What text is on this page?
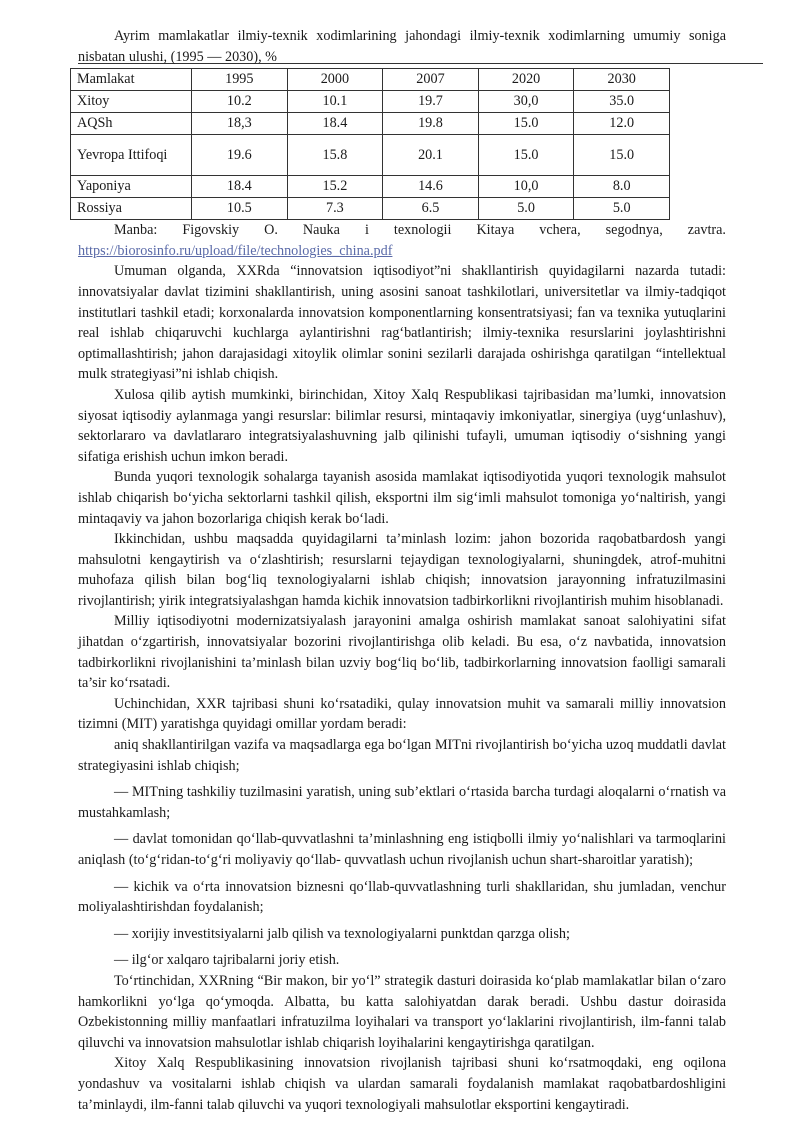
Ayrim mamlakatlar ilmiy-texnik xodimlarining jahondagi ilmiy-texnik xodimlarning umumiy soniga nisbatan ulushi, (1995 — 2030), %

Mamlakat	1995	2000	2007	2020	2030
Xitoy	10.2	10.1	19.7	30,0	35.0
AQSh	18,3	18.4	19.8	15.0	12.0
Yevropa Ittifoqi	19.6	15.8	20.1	15.0	15.0
Yaponiya	18.4	15.2	14.6	10,0	8.0
Rossiya	10.5	7.3	6.5	5.0	5.0
Manba: Figovskiy O. Nauka i texnologii Kitaya vchera, segodnya, zavtra.
https://biorosinfo.ru/upload/file/technologies_china.pdf

Umuman olganda, XXRda “innovatsion iqtisodiyot”ni shakllantirish quyidagilarni nazarda tutadi: innovatsiyalar davlat tizimini shakllantirish, uning asosini sanoat tashkilotlari, universitetlar va ilmiy-tadqiqot institutlari tashkil etadi; korxonalarda innovatsion komponentlarning konsentratsiyasi; fan va texnika yutuqlarini real ishlab chiqaruvchi kuchlarga aylantirishni rag‘batlantirish; ilmiy-texnika resurslarini joylashtirishni optimallashtirish; jahon darajasidagi xitoylik olimlar sonini sezilarli darajada oshirishga qaratilgan “intellektual mulk strategiyasi”ni ishlab chiqish.

Xulosa qilib aytish mumkinki, birinchidan, Xitoy Xalq Respublikasi tajribasidan ma’lumki, innovatsion siyosat iqtisodiy aylanmaga yangi resurslar: bilimlar resursi, mintaqaviy imkoniyatlar, sinergiya (uyg‘unlashuv), sektorlararo va davlatlararo integratsiyalashuvning jalb qilinishi tufayli, umuman iqtisodiy o‘sishning yangi sifatiga erishish uchun imkon beradi.

Bunda yuqori texnologik sohalarga tayanish asosida mamlakat iqtisodiyotida yuqori texnologik mahsulot ishlab chiqarish bo‘yicha sektorlarni tashkil qilish, eksportni ilm sig‘imli mahsulot tomoniga yo‘naltirish, yangi mintaqaviy va jahon bozorlariga chiqish kerak bo‘ladi.

Ikkinchidan, ushbu maqsadda quyidagilarni ta’minlash lozim: jahon bozorida raqobatbardosh yangi mahsulotni kengaytirish va o‘zlashtirish; resurslarni tejaydigan texnologiyalarni, shuningdek, atrof-muhitni muhofaza qilish bilan bog‘liq texnologiyalarni ishlab chiqish; innovatsion jarayonning infratuzilmasini rivojlantirish; yirik integratsiyalashgan hamda kichik innovatsion tadbirkorlikni rivojlantirish muhim hisoblanadi.

Milliy iqtisodiyotni modernizatsiyalash jarayonini amalga oshirish mamlakat sanoat salohiyatini sifat jihatdan o‘zgartirish, innovatsiyalar bozorini rivojlantirishga olib keladi. Bu esa, o‘z navbatida, innovatsion tadbirkorlikni rivojlanishini ta’minlash bilan uzviy bog‘liq bo‘lib, tadbirkorlarning innovatsion faolligi samarali ta’sir ko‘rsatadi.

Uchinchidan, XXR tajribasi shuni ko‘rsatadiki, qulay innovatsion muhit va samarali milliy innovatsion tizimni (MIT) yaratishga quyidagi omillar yordam beradi:

aniq shakllantirilgan vazifa va maqsadlarga ega bo‘lgan MITni rivojlantirish bo‘yicha uzoq muddatli davlat strategiyasini ishlab chiqish;

— MITning tashkiliy tuzilmasini yaratish, uning sub’ektlari o‘rtasida barcha turdagi aloqalarni o‘rnatish va mustahkamlash;

— davlat tomonidan qo‘llab-quvvatlashni ta’minlashning eng istiqbolli ilmiy yo‘nalishlari va tarmoqlarini aniqlash (to‘g‘ridan-to‘g‘ri moliyaviy qo‘llab- quvvatlash uchun rivojlanish uchun shart-sharoitlar yaratish);

— kichik va o‘rta innovatsion biznesni qo‘llab-quvvatlashning turli shakllaridan, shu jumladan, venchur moliyalashtirishdan foydalanish;

— xorijiy investitsiyalarni jalb qilish va texnologiyalarni punktdan qarzga olish;

— ilg‘or xalqaro tajribalarni joriy etish.

To‘rtinchidan, XXRning “Bir makon, bir yo‘l” strategik dasturi doirasida ko‘plab mamlakatlar bilan o‘zaro hamkorlikni yo‘lga qo‘ymoqda. Albatta, bu katta salohiyatdan darak beradi. Ushbu dastur doirasida Ozbekistonning milliy manfaatlari infratuzilma loyihalari va transport yo‘laklarini rivojlantirish, ilm-fanni talab qiluvchi va innovatsion mahsulotlar ishlab chiqarish loyihalarini kengaytirishga qaratilgan.

Xitoy Xalq Respublikasining innovatsion rivojlanish tajribasi shuni ko‘rsatmoqdaki, eng oqilona yondashuv va vositalarni ishlab chiqish va ulardan samarali foydalanish mamlakat raqobatbardoshligini ta’minlaydi, ilm-fanni talab qiluvchi va yuqori texnologiyali mahsulotlar eksportini kengaytiradi.
